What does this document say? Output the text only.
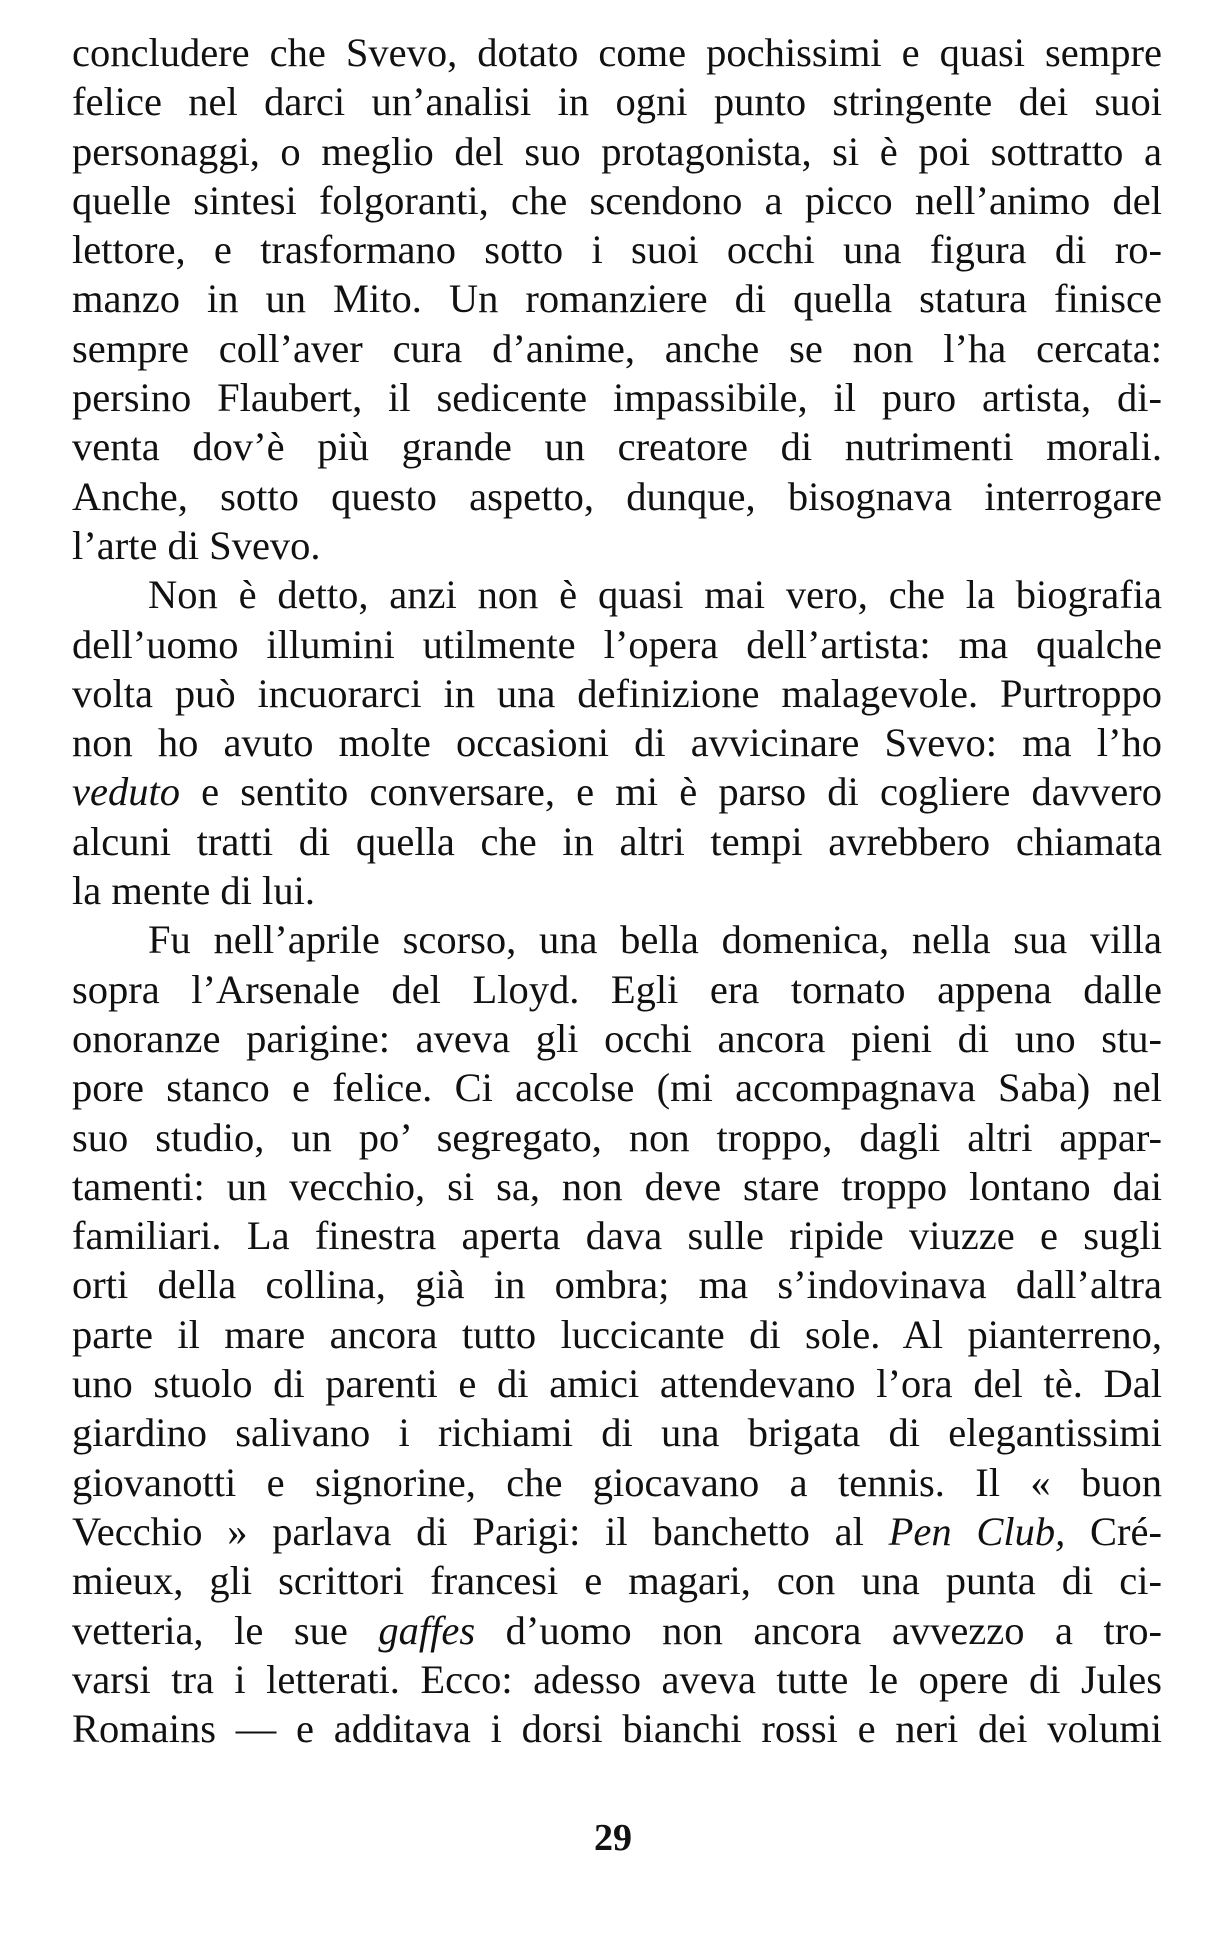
concludere che Svevo, dotato come pochissimi e quasi sempre
felice nel darci un’analisi in ogni punto stringente dei suoi
personaggi, o meglio del suo protagonista, si è poi sottratto a
quelle sintesi folgoranti, che scendono a picco nell’animo del
lettore, e trasformano sotto i suoi occhi una figura di ro-
manzo in un Mito. Un romanziere di quella statura finisce
sempre coll’aver cura d’anime, anche se non l’ha cercata:
persino Flaubert, il sedicente impassibile, il puro artista, di-
venta dov’è più grande un creatore di nutrimenti morali.
Anche, sotto questo aspetto, dunque, bisognava interrogare
l’arte di Svevo.
Non è detto, anzi non è quasi mai vero, che la biografia
dell’uomo illumini utilmente l’opera dell’artista: ma qualche
volta può incuorarci in una definizione malagevole. Purtroppo
non ho avuto molte occasioni di avvicinare Svevo: ma l’ho
veduto e sentito conversare, e mi è parso di cogliere davvero
alcuni tratti di quella che in altri tempi avrebbero chiamata
la mente di lui.
Fu nell’aprile scorso, una bella domenica, nella sua villa
sopra l’Arsenale del Lloyd. Egli era tornato appena dalle
onoranze parigine: aveva gli occhi ancora pieni di uno stu-
pore stanco e felice. Ci accolse (mi accompagnava Saba) nel
suo studio, un po’ segregato, non troppo, dagli altri appar-
tamenti: un vecchio, si sa, non deve stare troppo lontano dai
familiari. La finestra aperta dava sulle ripide viuzze e sugli
orti della collina, già in ombra; ma s’indovinava dall’altra
parte il mare ancora tutto luccicante di sole. Al pianterreno,
uno stuolo di parenti e di amici attendevano l’ora del tè. Dal
giardino salivano i richiami di una brigata di elegantissimi
giovanotti e signorine, che giocavano a tennis. Il « buon
Vecchio » parlava di Parigi: il banchetto al Pen Club, Cré-
mieux, gli scrittori francesi e magari, con una punta di ci-
vetteria, le sue gaffes d’uomo non ancora avvezzo a tro-
varsi tra i letterati. Ecco: adesso aveva tutte le opere di Jules
Romains — e additava i dorsi bianchi rossi e neri dei volumi
29
